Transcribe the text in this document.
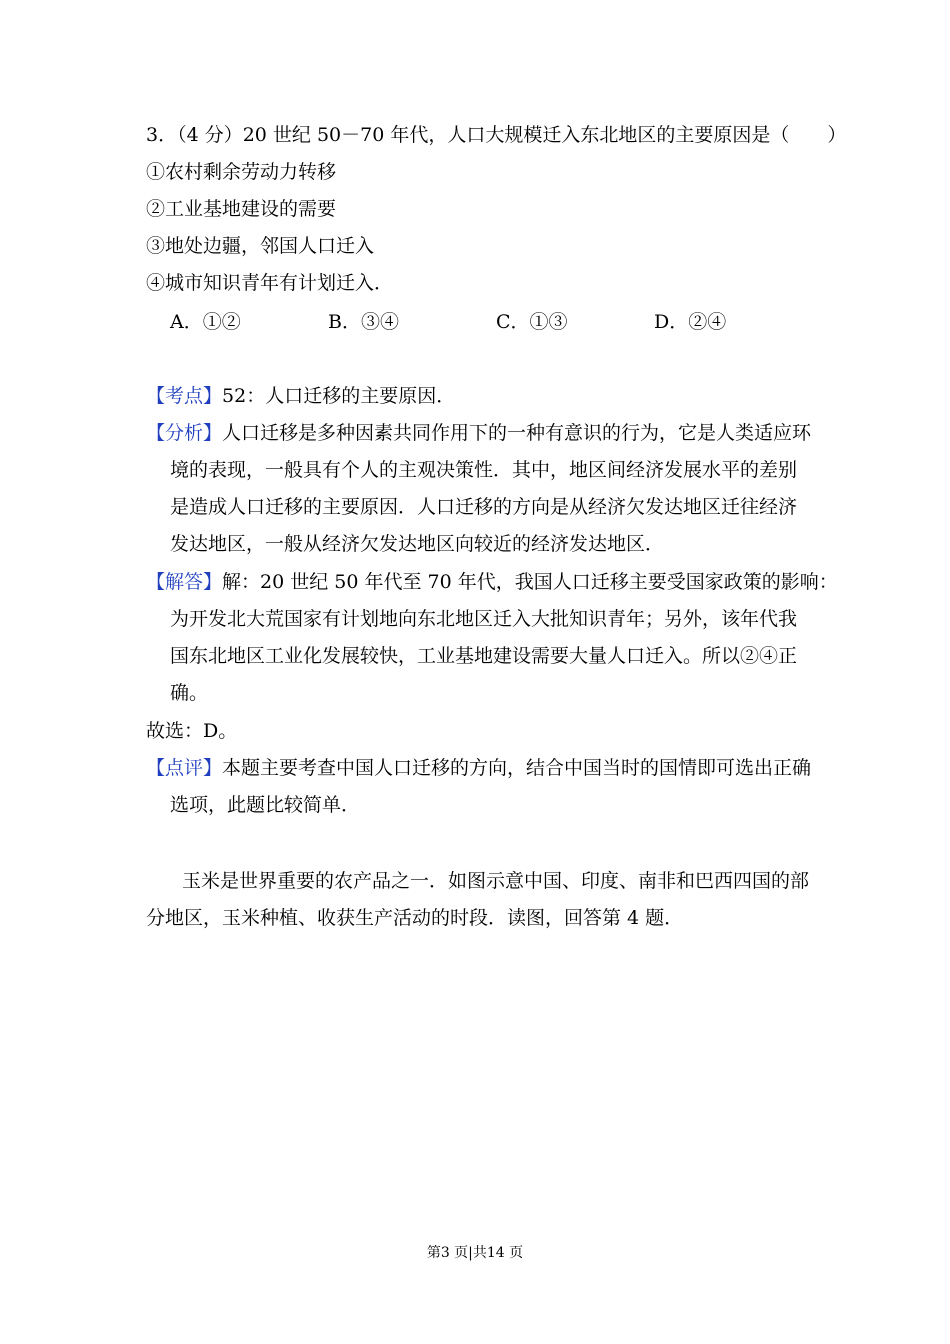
3．（4 分）20 世纪 50－70 年代，人口大规模迁入东北地区的主要原因是（　　）
①农村剩余劳动力转移
②工业基地建设的需要
③地处边疆，邻国人口迁入
④城市知识青年有计划迁入．
A．①②	B．③④	C．①③	D．②④
【考点】52：人口迁移的主要原因．
【分析】人口迁移是多种因素共同作用下的一种有意识的行为，它是人类适应环
境的表现，一般具有个人的主观决策性．其中，地区间经济发展水平的差别
是造成人口迁移的主要原因．人口迁移的方向是从经济欠发达地区迁往经济
发达地区，一般从经济欠发达地区向较近的经济发达地区．
【解答】解：20 世纪 50 年代至 70 年代，我国人口迁移主要受国家政策的影响：
为开发北大荒国家有计划地向东北地区迁入大批知识青年；另外，该年代我
国东北地区工业化发展较快，工业基地建设需要大量人口迁入。所以②④正
确。
故选：D。
【点评】本题主要考查中国人口迁移的方向，结合中国当时的国情即可选出正确
选项，此题比较简单．
玉米是世界重要的农产品之一．如图示意中国、印度、南非和巴西四国的部
分地区，玉米种植、收获生产活动的时段．读图，回答第 4 题．
第3 页|共14 页
